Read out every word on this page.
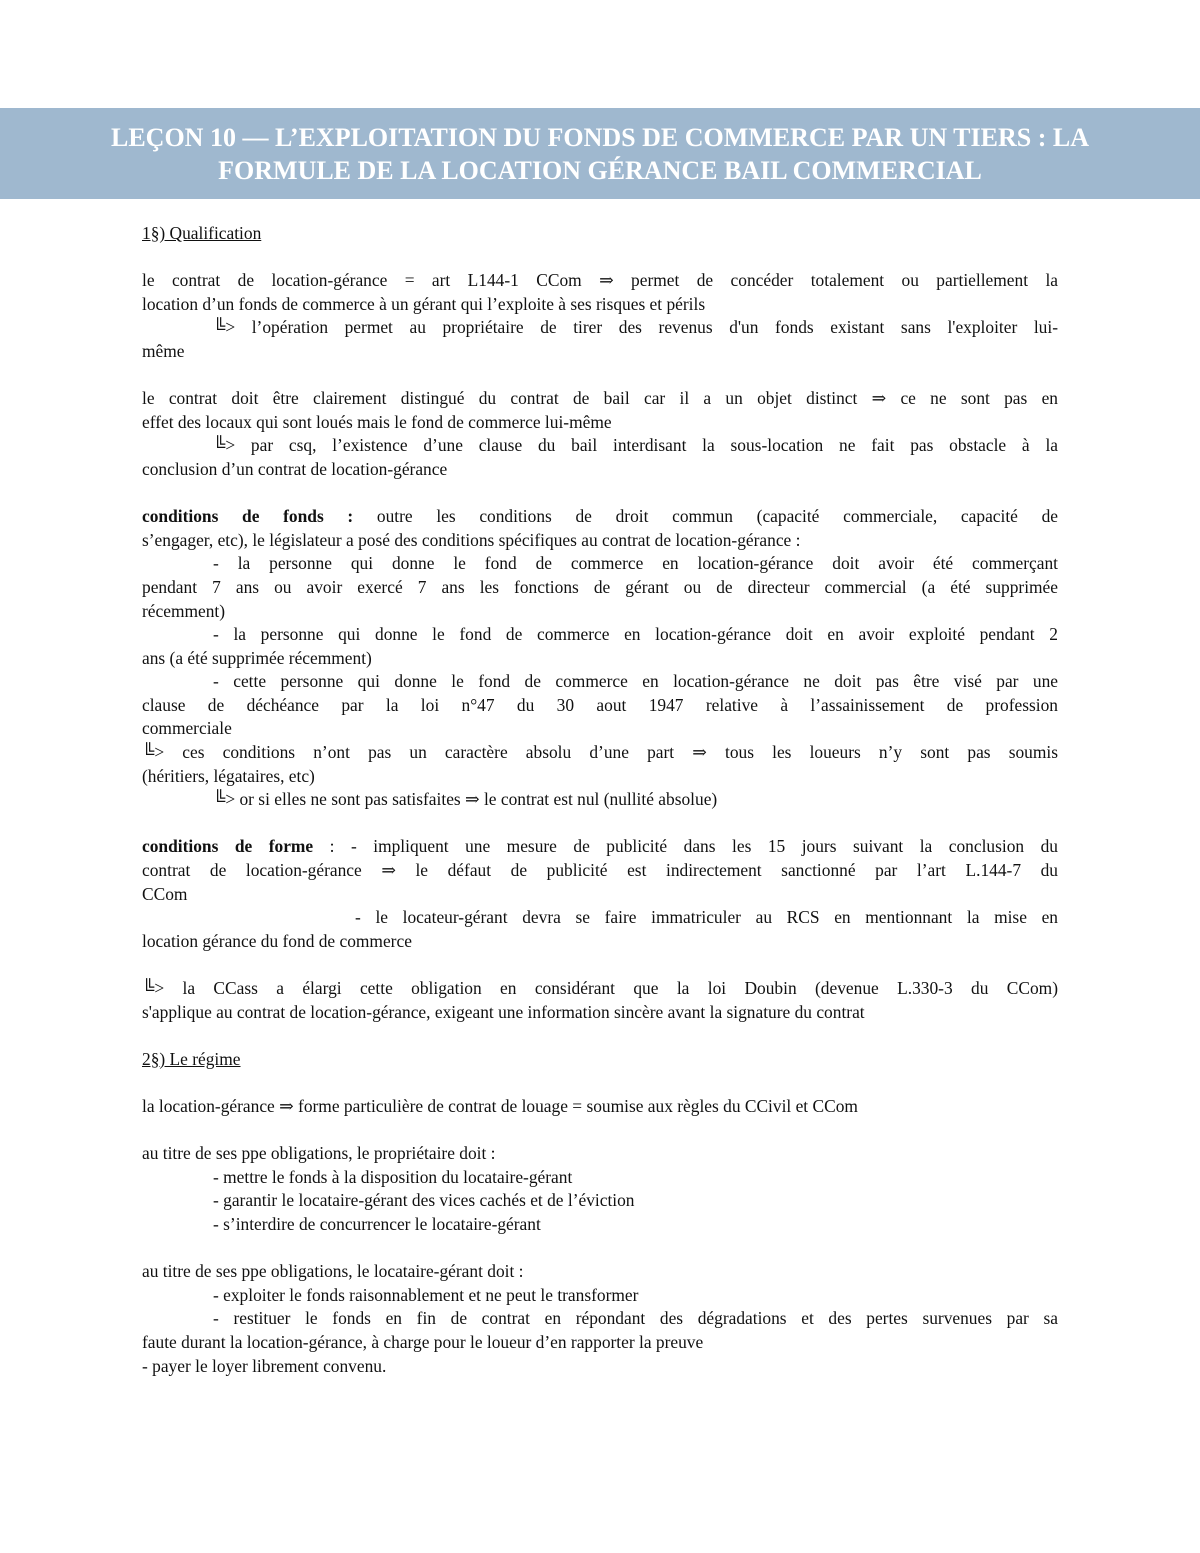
LEÇON 10 — L’EXPLOITATION DU FONDS DE COMMERCE PAR UN TIERS : LA
FORMULE DE LA LOCATION GÉRANCE BAIL COMMERCIAL
1§) Qualification
le contrat de location-gérance = art L144-1 CCom ⇒ permet de concéder totalement ou partiellement la
location d’un fonds de commerce à un gérant qui l’exploite à ses risques et périls
╚> l’opération permet au propriétaire de tirer des revenus d'un fonds existant sans l'exploiter lui-
même
le contrat doit être clairement distingué du contrat de bail car il a un objet distinct ⇒ ce ne sont pas en
effet des locaux qui sont loués mais le fond de commerce lui-même
╚> par csq, l’existence d’une clause du bail interdisant la sous-location ne fait pas obstacle à la
conclusion d’un contrat de location-gérance
conditions de fonds : outre les conditions de droit commun (capacité commerciale, capacité de
s’engager, etc), le législateur a posé des conditions spécifiques au contrat de location-gérance :
- la personne qui donne le fond de commerce en location-gérance doit avoir été commerçant
pendant 7 ans ou avoir exercé 7 ans les fonctions de gérant ou de directeur commercial (a été supprimée
récemment)
- la personne qui donne le fond de commerce en location-gérance doit en avoir exploité pendant 2
ans (a été supprimée récemment)
- cette personne qui donne le fond de commerce en location-gérance ne doit pas être visé par une
clause de déchéance par la loi n°47 du 30 aout 1947 relative à l’assainissement de profession
commerciale
╚> ces conditions n’ont pas un caractère absolu d’une part ⇒ tous les loueurs n’y sont pas soumis
(héritiers, légataires, etc)
╚> or si elles ne sont pas satisfaites ⇒ le contrat est nul (nullité absolue)
conditions de forme : - impliquent une mesure de publicité dans les 15 jours suivant la conclusion du
contrat de location-gérance ⇒ le défaut de publicité est indirectement sanctionné par l’art L.144-7 du
CCom
- le locateur-gérant devra se faire immatriculer au RCS en mentionnant la mise en
location gérance du fond de commerce
╚> la CCass a élargi cette obligation en considérant que la loi Doubin (devenue L.330-3 du CCom)
s'applique au contrat de location-gérance, exigeant une information sincère avant la signature du contrat
2§) Le régime
la location-gérance ⇒ forme particulière de contrat de louage = soumise aux règles du CCivil et CCom
au titre de ses ppe obligations, le propriétaire doit :
- mettre le fonds à la disposition du locataire-gérant
- garantir le locataire-gérant des vices cachés et de l’éviction
- s’interdire de concurrencer le locataire-gérant
au titre de ses ppe obligations, le locataire-gérant doit :
- exploiter le fonds raisonnablement et ne peut le transformer
- restituer le fonds en fin de contrat en répondant des dégradations et des pertes survenues par sa
faute durant la location-gérance, à charge pour le loueur d’en rapporter la preuve
- payer le loyer librement convenu.
